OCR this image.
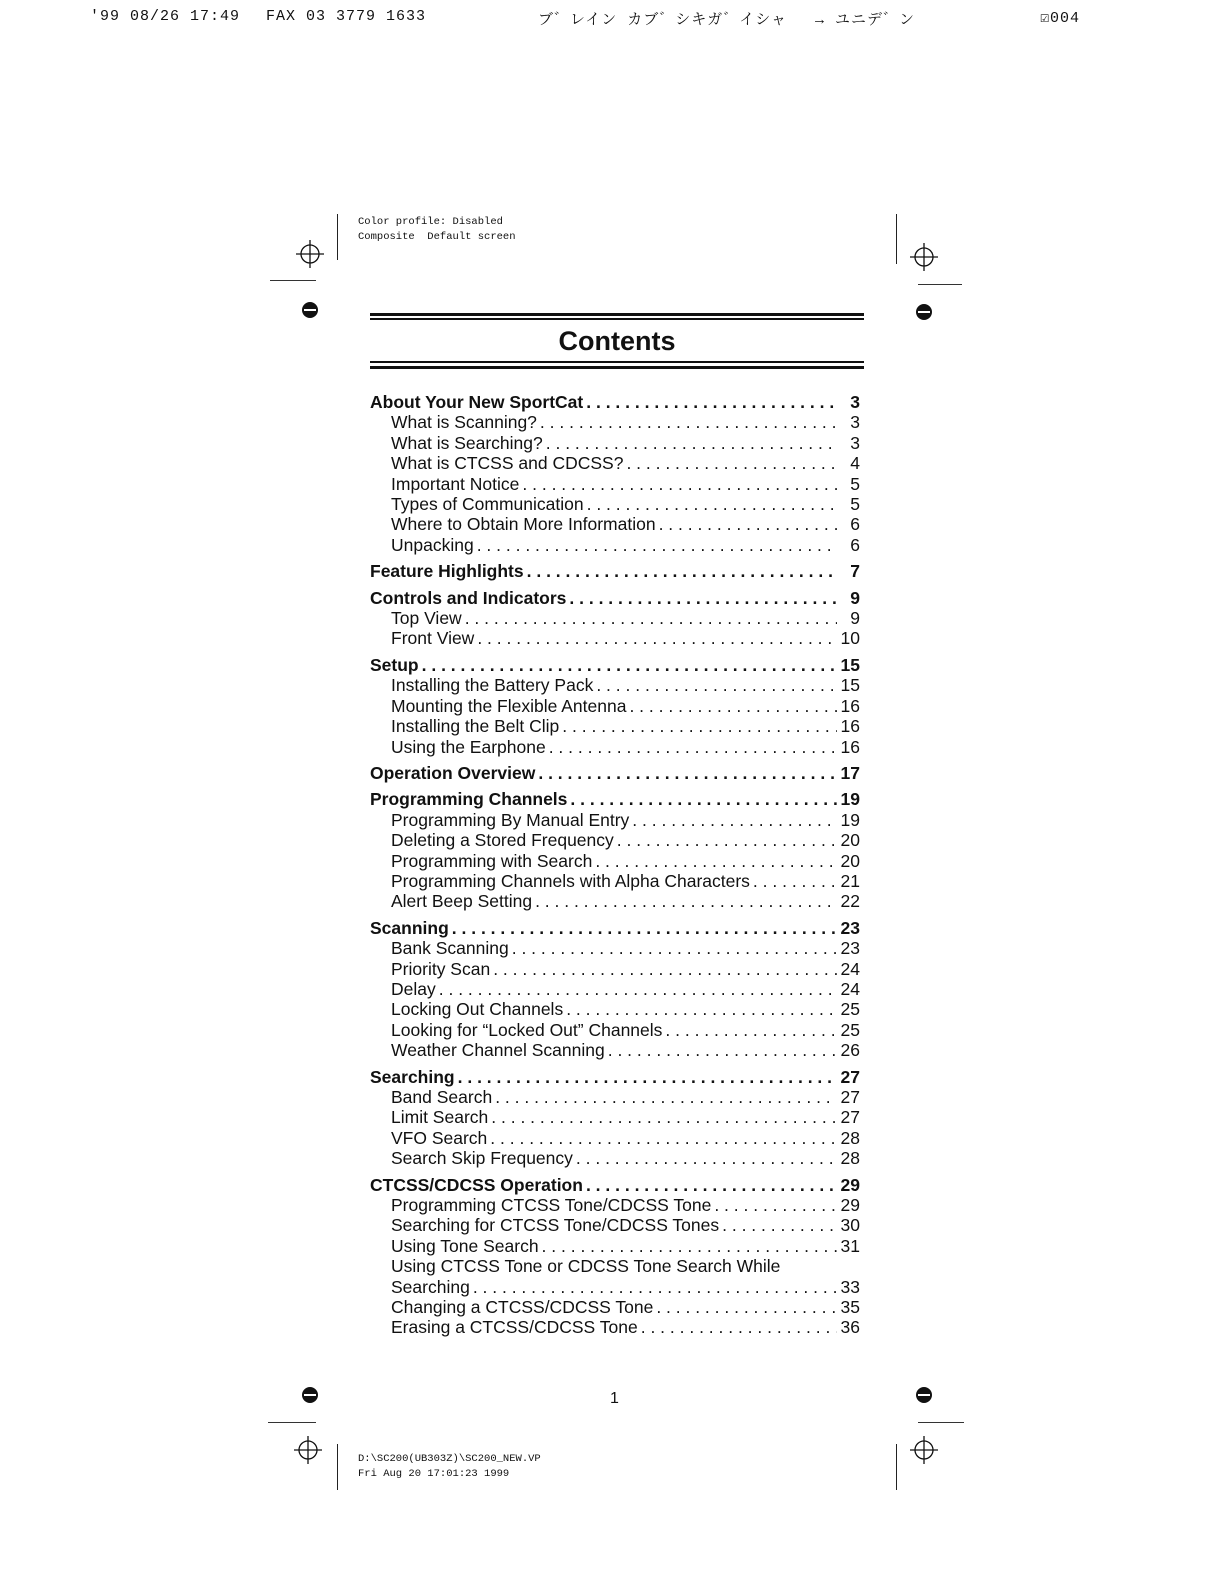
'99 08/26 17:49 FAX 03 3779 1633	ブ゛レイン カブ゛シキガ゛イシャ → ユニデ゛ン	☑004
Color profile: Disabled
Composite  Default screen
Contents
About Your New SportCat . . .	3
What is Scanning? . . .	3
What is Searching? . . .	3
What is CTCSS and CDCSS? . . .	4
Important Notice . . .	5
Types of Communication . . .	5
Where to Obtain More Information . . .	6
Unpacking . . .	6
Feature Highlights . . .	7
Controls and Indicators . . .	9
Top View . . .	9
Front View . . .	10
Setup . . .	15
Installing the Battery Pack . . .	15
Mounting the Flexible Antenna . . .	16
Installing the Belt Clip . . .	16
Using the Earphone . . .	16
Operation Overview . . .	17
Programming Channels . . .	19
Programming By Manual Entry . . .	19
Deleting a Stored Frequency . . .	20
Programming with Search . . .	20
Programming Channels with Alpha Characters . . .	21
Alert Beep Setting . . .	22
Scanning . . .	23
Bank Scanning . . .	23
Priority Scan . . .	24
Delay . . .	24
Locking Out Channels . . .	25
Looking for “Locked Out” Channels . . .	25
Weather Channel Scanning . . .	26
Searching . . .	27
Band Search . . .	27
Limit Search . . .	27
VFO Search . . .	28
Search Skip Frequency . . .	28
CTCSS/CDCSS Operation . . .	29
Programming CTCSS Tone/CDCSS Tone . . .	29
Searching for CTCSS Tone/CDCSS Tones . . .	30
Using Tone Search . . .	31
Using CTCSS Tone or CDCSS Tone Search While
Searching . . .	33
Changing a CTCSS/CDCSS Tone . . .	35
Erasing a CTCSS/CDCSS Tone . . .	36
1
D:\SC200(UB303Z)\SC200_NEW.VP
Fri Aug 20 17:01:23 1999
